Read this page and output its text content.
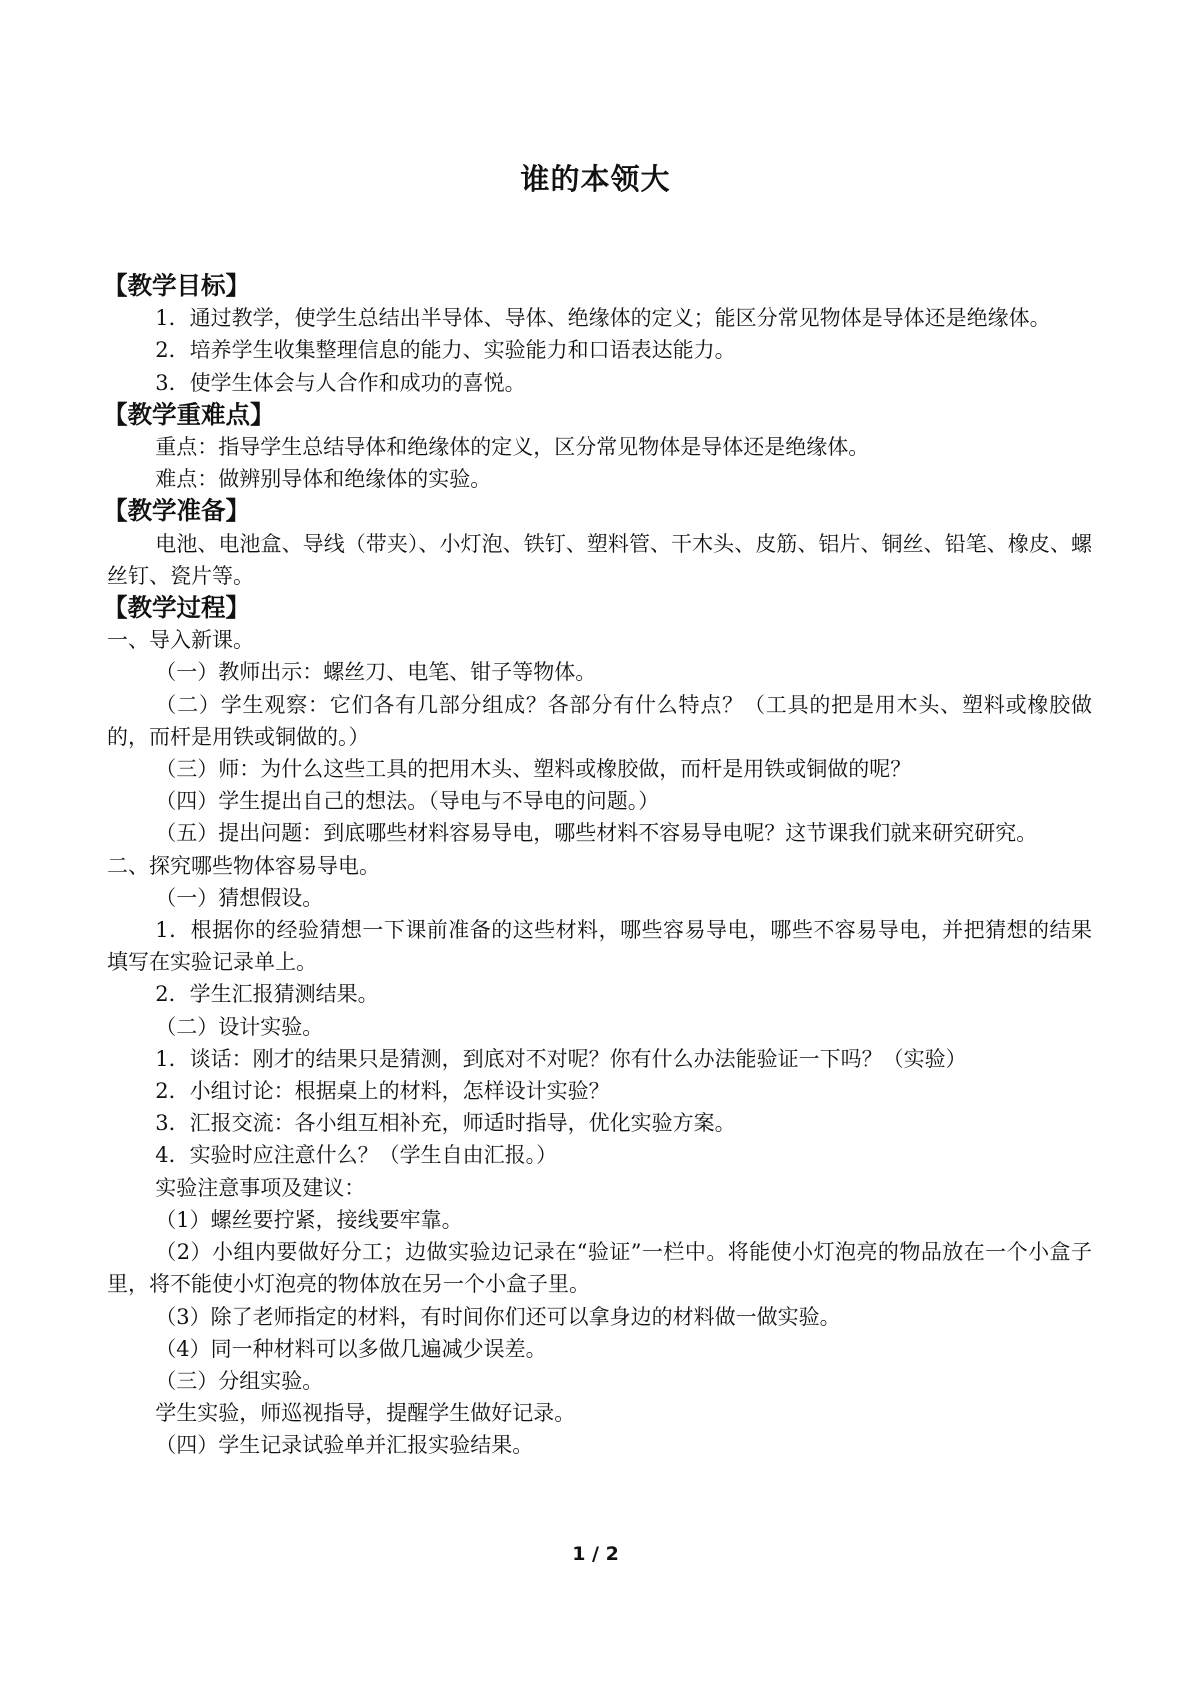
谁的本领大
【教学目标】

1．通过教学，使学生总结出半导体、导体、绝缘体的定义；能区分常见物体是导体还是绝缘体。

2．培养学生收集整理信息的能力、实验能力和口语表达能力。

3．使学生体会与人合作和成功的喜悦。

【教学重难点】

重点：指导学生总结导体和绝缘体的定义，区分常见物体是导体还是绝缘体。

难点：做辨别导体和绝缘体的实验。

【教学准备】

电池、电池盒、导线（带夹）、小灯泡、铁钉、塑料管、干木头、皮筋、铝片、铜丝、铅笔、橡皮、螺丝钉、瓷片等。

【教学过程】

一、导入新课。

（一）教师出示：螺丝刀、电笔、钳子等物体。

（二）学生观察：它们各有几部分组成？各部分有什么特点？（工具的把是用木头、塑料或橡胶做的，而杆是用铁或铜做的。）

（三）师：为什么这些工具的把用木头、塑料或橡胶做，而杆是用铁或铜做的呢？

（四）学生提出自己的想法。（导电与不导电的问题。）

（五）提出问题：到底哪些材料容易导电，哪些材料不容易导电呢？这节课我们就来研究研究。

二、探究哪些物体容易导电。

（一）猜想假设。

1．根据你的经验猜想一下课前准备的这些材料，哪些容易导电，哪些不容易导电，并把猜想的结果填写在实验记录单上。

2．学生汇报猜测结果。

（二）设计实验。

1．谈话：刚才的结果只是猜测，到底对不对呢？你有什么办法能验证一下吗？（实验）

2．小组讨论：根据桌上的材料，怎样设计实验？

3．汇报交流：各小组互相补充，师适时指导，优化实验方案。

4．实验时应注意什么？（学生自由汇报。）

实验注意事项及建议：

（1）螺丝要拧紧，接线要牢靠。

（2）小组内要做好分工；边做实验边记录在“验证”一栏中。将能使小灯泡亮的物品放在一个小盒子里，将不能使小灯泡亮的物体放在另一个小盒子里。

（3）除了老师指定的材料，有时间你们还可以拿身边的材料做一做实验。

（4）同一种材料可以多做几遍减少误差。

（三）分组实验。

学生实验，师巡视指导，提醒学生做好记录。

（四）学生记录试验单并汇报实验结果。

1 / 2
